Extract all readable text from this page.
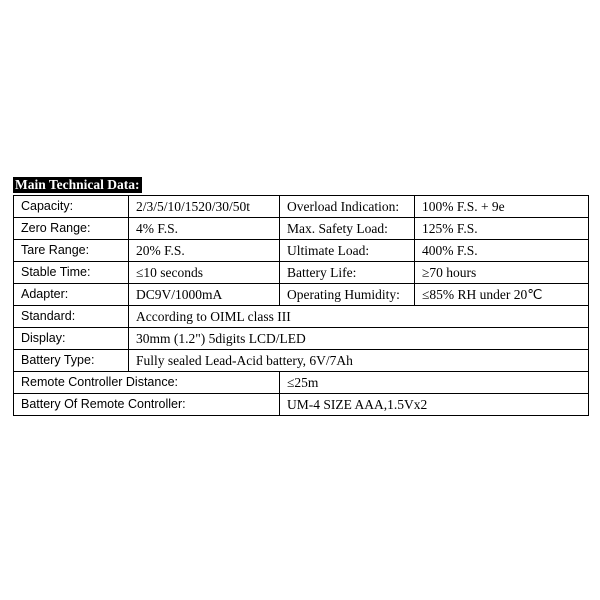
Main Technical Data:
Capacity:	2/3/5/10/1520/30/50t	Overload Indication:	100% F.S. + 9e
Zero Range:	4% F.S.	Max. Safety Load:	125% F.S.
Tare Range:	20% F.S.	Ultimate Load:	400% F.S.
Stable Time:	≤10 seconds	Battery Life:	≥70 hours
Adapter:	DC9V/1000mA	Operating Humidity:	≤85% RH under 20℃
Standard:	According to OIML class III		
Display:	30mm (1.2") 5digits LCD/LED		
Battery Type:	Fully sealed Lead-Acid battery, 6V/7Ah		
Remote Controller Distance:		≤25m	
Battery Of Remote Controller:		UM-4 SIZE AAA,1.5Vx2	
